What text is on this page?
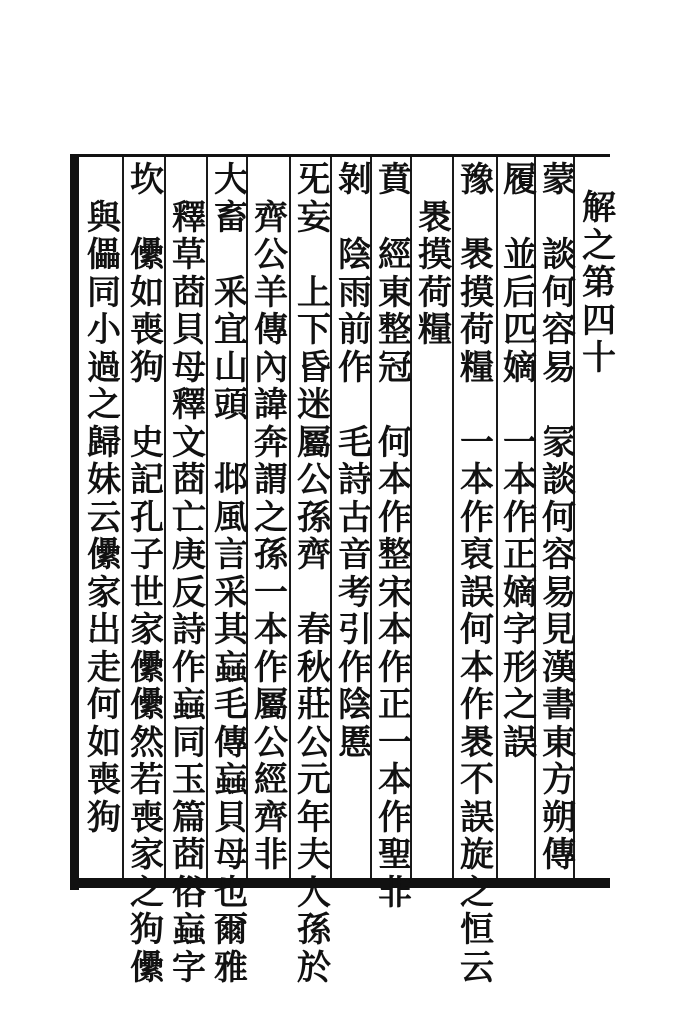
解
之
第
四
十
蒙

談
何
容
易

冡
談
何
容
易
見
漢
書
東
方
朔
傳
履

並
后
匹
嫡

一
本
作
正
嫡
字
形
之
誤
豫

褁
摸
荷
糧

一
本
作
裒
誤
何
本
作
褁
不
誤
旋
之
恒
云

褁
摸
荷
糧
賁

經
東
整
冠

何
本
作
整
宋
本
作
正
一
本
作
聖
非
剝

陰
雨
前
作

毛
詩
古
音
考
引
作
陰
慝
旡
妄

上
下
昏
迷
屬
公
孫
齊

春
秋
莊
公
元
年
夫
人
孫
於

齊
公
羊
傳
內
諱
奔
謂
之
孫
一
本
作
屬
公
經
齊
非
大
畜

釆
宜
山
頭

邶
風
言
采
其
蝱
毛
傳
蝱
貝
母
也
爾
雅

釋
草
莔
貝
母
釋
文
莔
亡
庚
反
詩
作
蝱
同
玉
篇
莔
俗
蝱
字
坎

儽
如
喪
狗

史
記
孔
子
世
家
儽
儽
然
若
喪
家
之
狗
儽

與
儡
同
小
過
之
歸
妹
云
儽
家
出
走
何
如
喪
狗
